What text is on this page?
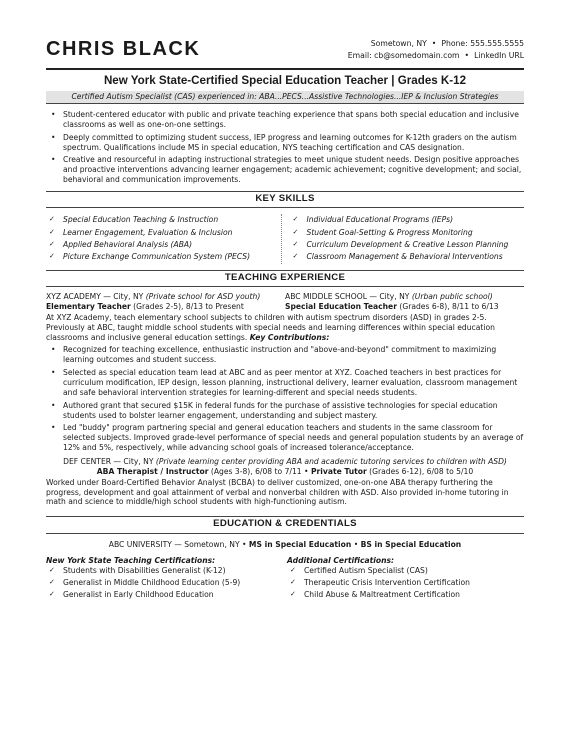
CHRIS BLACK	Sometown, NY • Phone: 555.555.5555
Email: cb@somedomain.com • LinkedIn URL
New York State-Certified Special Education Teacher | Grades K-12
Certified Autism Specialist (CAS) experienced in: ABA...PECS...Assistive Technologies...IEP & Inclusion Strategies
• Student-centered educator with public and private teaching experience that spans both special education and inclusive classrooms as well as one-on-one settings.
• Deeply committed to optimizing student success, IEP progress and learning outcomes for K-12th graders on the autism spectrum. Qualifications include MS in special education, NYS teaching certification and CAS designation.
• Creative and resourceful in adapting instructional strategies to meet unique student needs. Design positive approaches and proactive interventions advancing learner engagement; academic achievement; cognitive development; and social, behavioral and communication improvements.
KEY SKILLS
✓ Special Education Teaching & Instruction
✓ Learner Engagement, Evaluation & Inclusion
✓ Applied Behavioral Analysis (ABA)
✓ Picture Exchange Communication System (PECS)
✓ Individual Educational Programs (IEPs)
✓ Student Goal-Setting & Progress Monitoring
✓ Curriculum Development & Creative Lesson Planning
✓ Classroom Management & Behavioral Interventions
TEACHING EXPERIENCE
XYZ ACADEMY — City, NY (Private school for ASD youth)
Elementary Teacher (Grades 2-5), 8/13 to Present
ABC MIDDLE SCHOOL — City, NY (Urban public school)
Special Education Teacher (Grades 6-8), 8/11 to 6/13
At XYZ Academy, teach elementary school subjects to children with autism spectrum disorders (ASD) in grades 2-5. Previously at ABC, taught middle school students with special needs and learning differences within special education classrooms and inclusive general education settings. Key Contributions:
• Recognized for teaching excellence, enthusiastic instruction and "above-and-beyond" commitment to maximizing learning outcomes and student success.
• Selected as special education team lead at ABC and as peer mentor at XYZ. Coached teachers in best practices for curriculum modification, IEP design, lesson planning, instructional delivery, learner evaluation, classroom management and safe behavioral intervention strategies for learning-different and special needs students.
• Authored grant that secured $15K in federal funds for the purchase of assistive technologies for special education students used to bolster learner engagement, understanding and subject mastery.
• Led "buddy" program partnering special and general education teachers and students in the same classroom for selected subjects. Improved grade-level performance of special needs and general population students by an average of 12% and 5%, respectively, while advancing school goals of increased tolerance/acceptance.
DEF CENTER — City, NY (Private learning center providing ABA and academic tutoring services to children with ASD)
ABA Therapist / Instructor (Ages 3-8), 6/08 to 7/11 • Private Tutor (Grades 6-12), 6/08 to 5/10
Worked under Board-Certified Behavior Analyst (BCBA) to deliver customized, one-on-one ABA therapy furthering the progress, development and goal attainment of verbal and nonverbal children with ASD. Also provided in-home tutoring in math and science to middle/high school students with high-functioning autism.
EDUCATION & CREDENTIALS
ABC UNIVERSITY — Sometown, NY • MS in Special Education • BS in Special Education
New York State Teaching Certifications:
✓ Students with Disabilities Generalist (K-12)
✓ Generalist in Middle Childhood Education (5-9)
✓ Generalist in Early Childhood Education
Additional Certifications:
✓ Certified Autism Specialist (CAS)
✓ Therapeutic Crisis Intervention Certification
✓ Child Abuse & Maltreatment Certification
